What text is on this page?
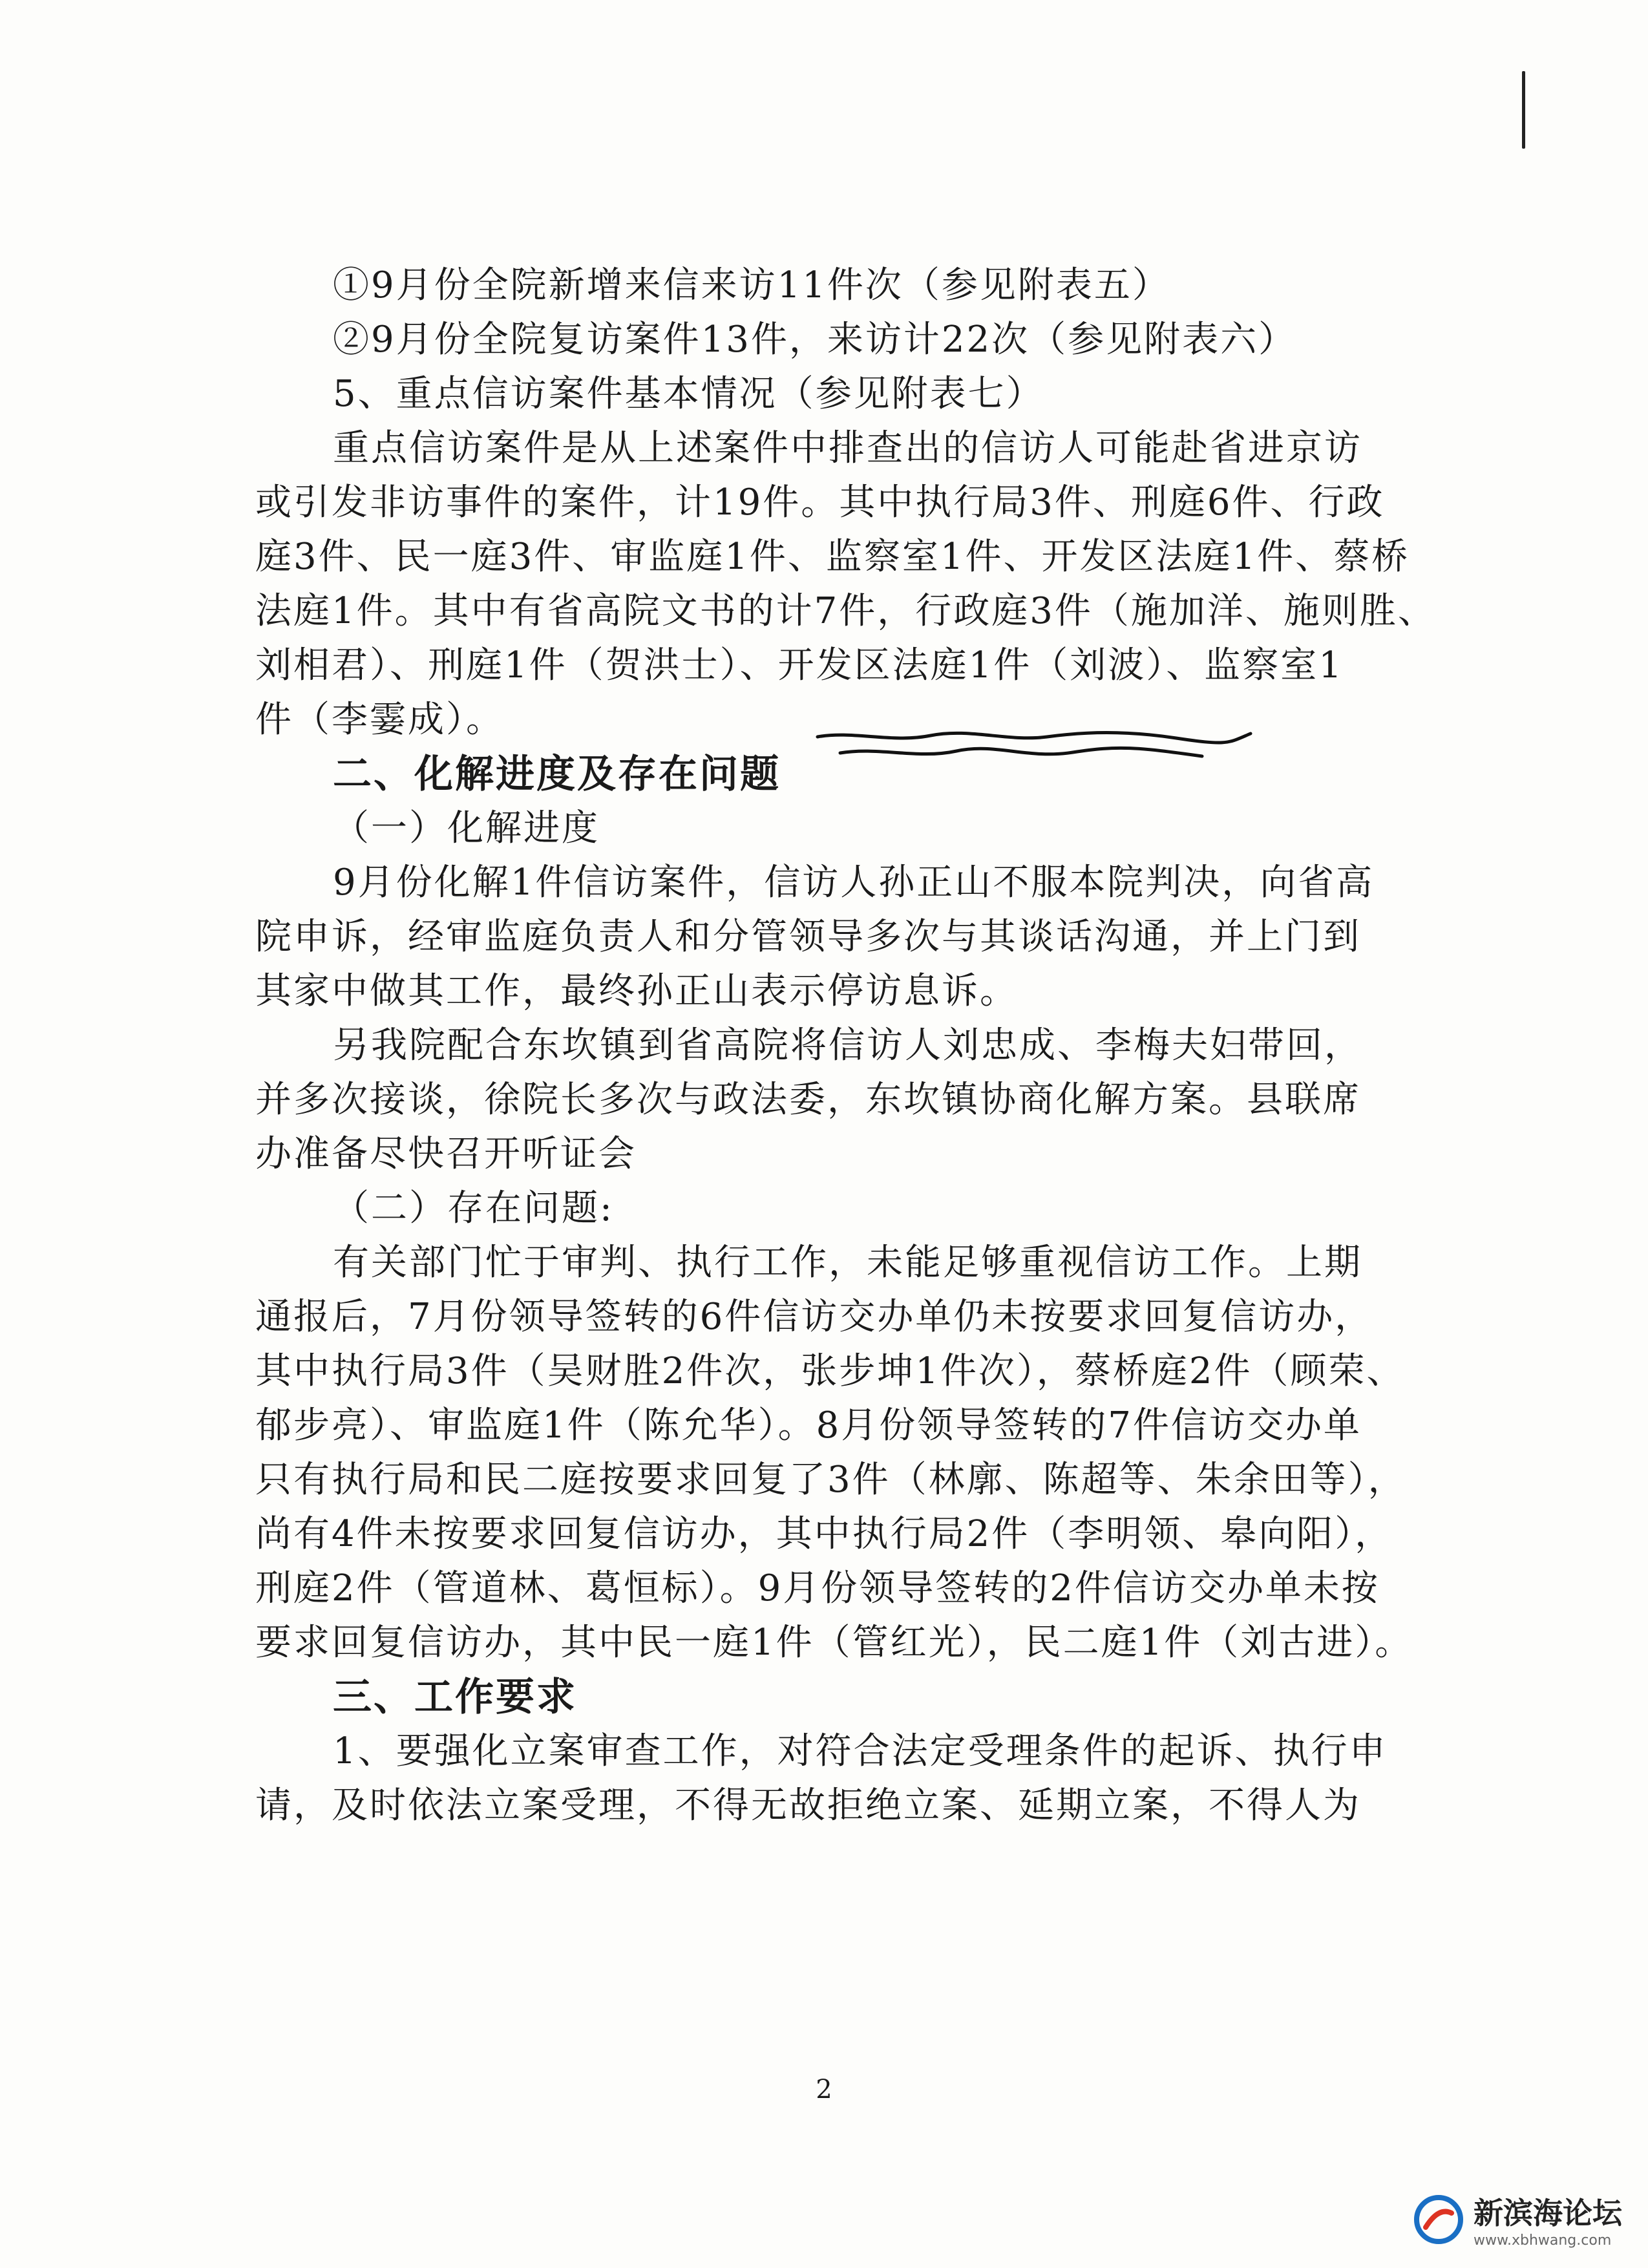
①9月份全院新增来信来访11件次（参见附表五）
②9月份全院复访案件13件，来访计22次（参见附表六）
5、重点信访案件基本情况（参见附表七）
重点信访案件是从上述案件中排查出的信访人可能赴省进京访
或引发非访事件的案件，计19件。其中执行局3件、刑庭6件、行政
庭3件、民一庭3件、审监庭1件、监察室1件、开发区法庭1件、蔡桥
法庭1件。其中有省高院文书的计7件，行政庭3件（施加洋、施则胜、
刘相君）、刑庭1件（贺洪士）、开发区法庭1件（刘波）、监察室1
件（李霎成）。
二、化解进度及存在问题
（一）化解进度
9月份化解1件信访案件，信访人孙正山不服本院判决，向省高
院申诉，经审监庭负责人和分管领导多次与其谈话沟通，并上门到
其家中做其工作，最终孙正山表示停访息诉。
另我院配合东坎镇到省高院将信访人刘忠成、李梅夫妇带回，
并多次接谈，徐院长多次与政法委，东坎镇协商化解方案。县联席
办准备尽快召开听证会
（二）存在问题:
有关部门忙于审判、执行工作，未能足够重视信访工作。上期
通报后，7月份领导签转的6件信访交办单仍未按要求回复信访办，
其中执行局3件（吴财胜2件次，张步坤1件次），蔡桥庭2件（顾荣、
郁步亮）、审监庭1件（陈允华）。8月份领导签转的7件信访交办单
只有执行局和民二庭按要求回复了3件（林廓、陈超等、朱余田等），
尚有4件未按要求回复信访办，其中执行局2件（李明领、皋向阳），
刑庭2件（管道林、葛恒标）。9月份领导签转的2件信访交办单未按
要求回复信访办，其中民一庭1件（管红光），民二庭1件（刘古进）。
三、工作要求
1、要强化立案审查工作，对符合法定受理条件的起诉、执行申
请，及时依法立案受理，不得无故拒绝立案、延期立案，不得人为
2
新滨海论坛
www.xbhwang.com
